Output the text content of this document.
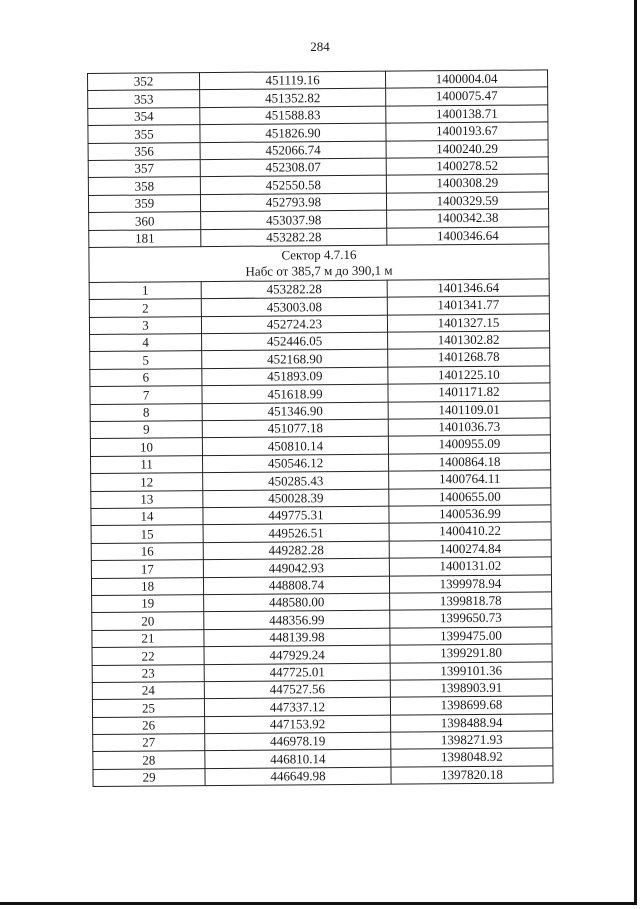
284
352	451119.16	1400004.04
353	451352.82	1400075.47
354	451588.83	1400138.71
355	451826.90	1400193.67
356	452066.74	1400240.29
357	452308.07	1400278.52
358	452550.58	1400308.29
359	452793.98	1400329.59
360	453037.98	1400342.38
181	453282.28	1400346.64

Сектор 4.7.16
Набс от 385,7 м до 390,1 м		

1	453282.28	1401346.64
2	453003.08	1401341.77
3	452724.23	1401327.15
4	452446.05	1401302.82
5	452168.90	1401268.78
6	451893.09	1401225.10
7	451618.99	1401171.82
8	451346.90	1401109.01
9	451077.18	1401036.73
10	450810.14	1400955.09
11	450546.12	1400864.18
12	450285.43	1400764.11
13	450028.39	1400655.00
14	449775.31	1400536.99
15	449526.51	1400410.22
16	449282.28	1400274.84
17	449042.93	1400131.02
18	448808.74	1399978.94
19	448580.00	1399818.78
20	448356.99	1399650.73
21	448139.98	1399475.00
22	447929.24	1399291.80
23	447725.01	1399101.36
24	447527.56	1398903.91
25	447337.12	1398699.68
26	447153.92	1398488.94
27	446978.19	1398271.93
28	446810.14	1398048.92
29	446649.98	1397820.18
